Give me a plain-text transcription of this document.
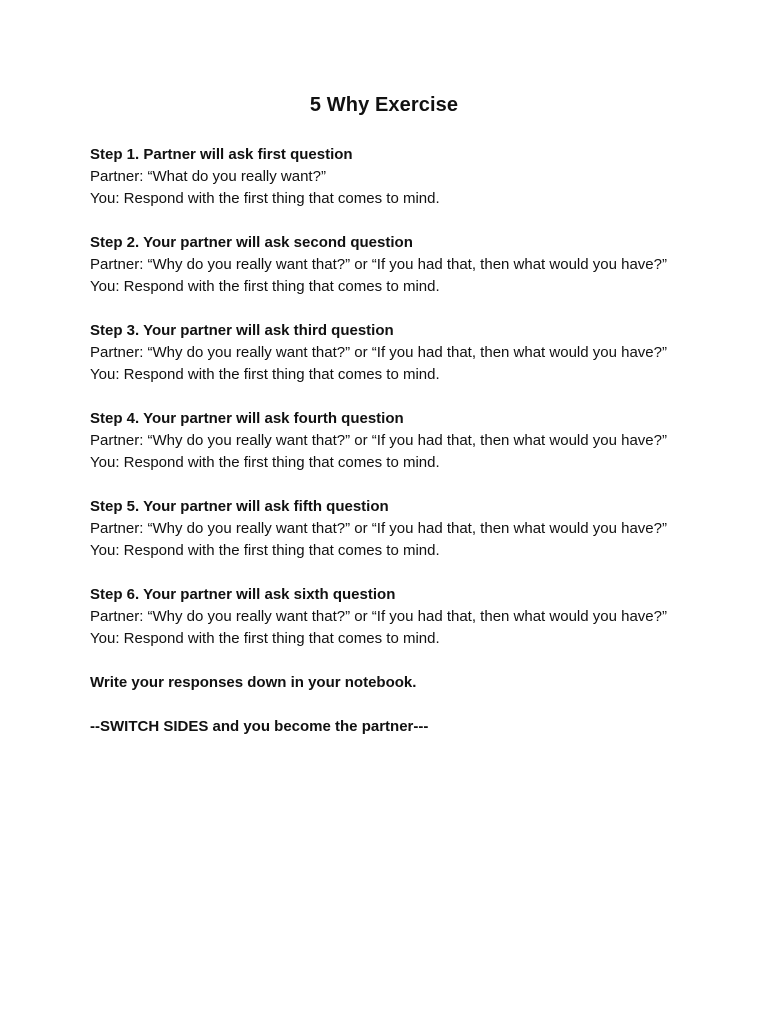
5 Why Exercise
Step 1. Partner will ask first question
Partner: “What do you really want?”
You: Respond with the first thing that comes to mind.
Step 2. Your partner will ask second question
Partner: “Why do you really want that?” or “If you had that, then what would you have?”
You: Respond with the first thing that comes to mind.
Step 3. Your partner will ask third question
Partner: “Why do you really want that?” or “If you had that, then what would you have?”
You: Respond with the first thing that comes to mind.
Step 4. Your partner will ask fourth question
Partner: “Why do you really want that?” or “If you had that, then what would you have?”
You: Respond with the first thing that comes to mind.
Step 5. Your partner will ask fifth question
Partner: “Why do you really want that?” or “If you had that, then what would you have?”
You: Respond with the first thing that comes to mind.
Step 6. Your partner will ask sixth question
Partner: “Why do you really want that?” or “If you had that, then what would you have?”
You: Respond with the first thing that comes to mind.
Write your responses down in your notebook.
--SWITCH SIDES and you become the partner---
